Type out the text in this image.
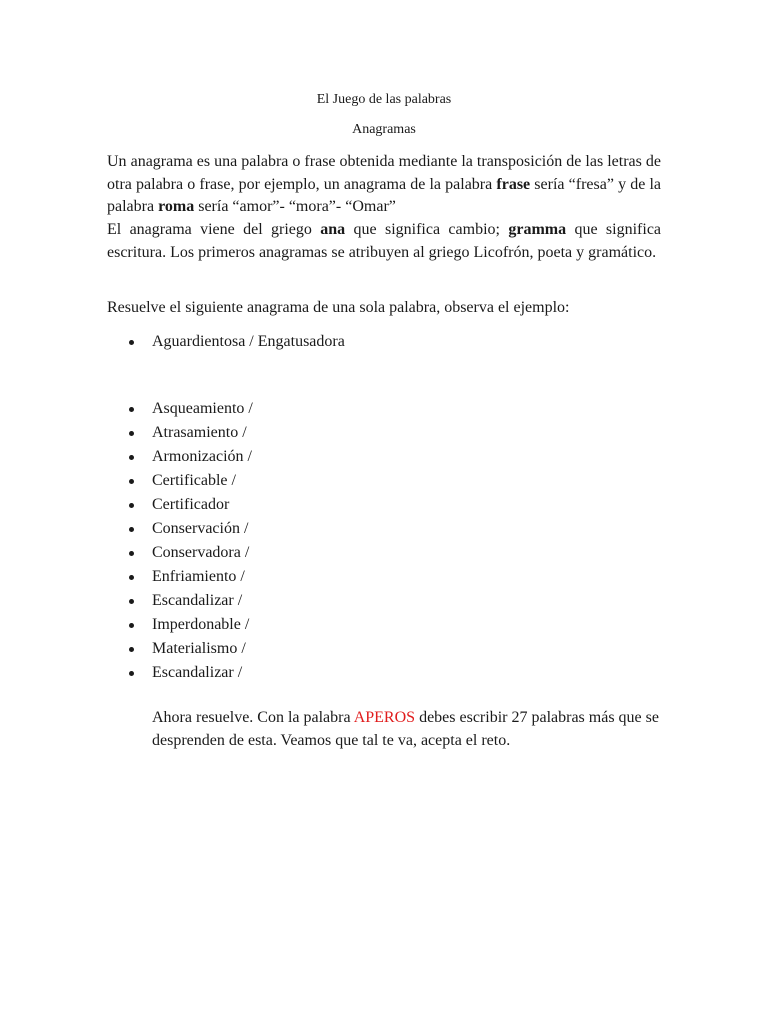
El Juego de las palabras
Anagramas
Un anagrama es una palabra o frase obtenida mediante la transposición de las letras de otra palabra o frase, por ejemplo, un anagrama de la palabra frase sería “fresa” y de la palabra roma sería “amor”- “mora”- “Omar”
El anagrama viene del griego ana que significa cambio; gramma que significa escritura. Los primeros anagramas se atribuyen al griego Licofrón, poeta y gramático.
Resuelve el siguiente anagrama de una sola palabra, observa el ejemplo:
Aguardientosa / Engatusadora
Asqueamiento /
Atrasamiento /
Armonización /
Certificable /
Certificador
Conservación /
Conservadora /
Enfriamiento /
Escandalizar /
Imperdonable /
Materialismo /
Escandalizar /
Ahora resuelve. Con la palabra APEROS debes escribir 27 palabras más que se desprenden de esta. Veamos que tal te va, acepta el reto.
